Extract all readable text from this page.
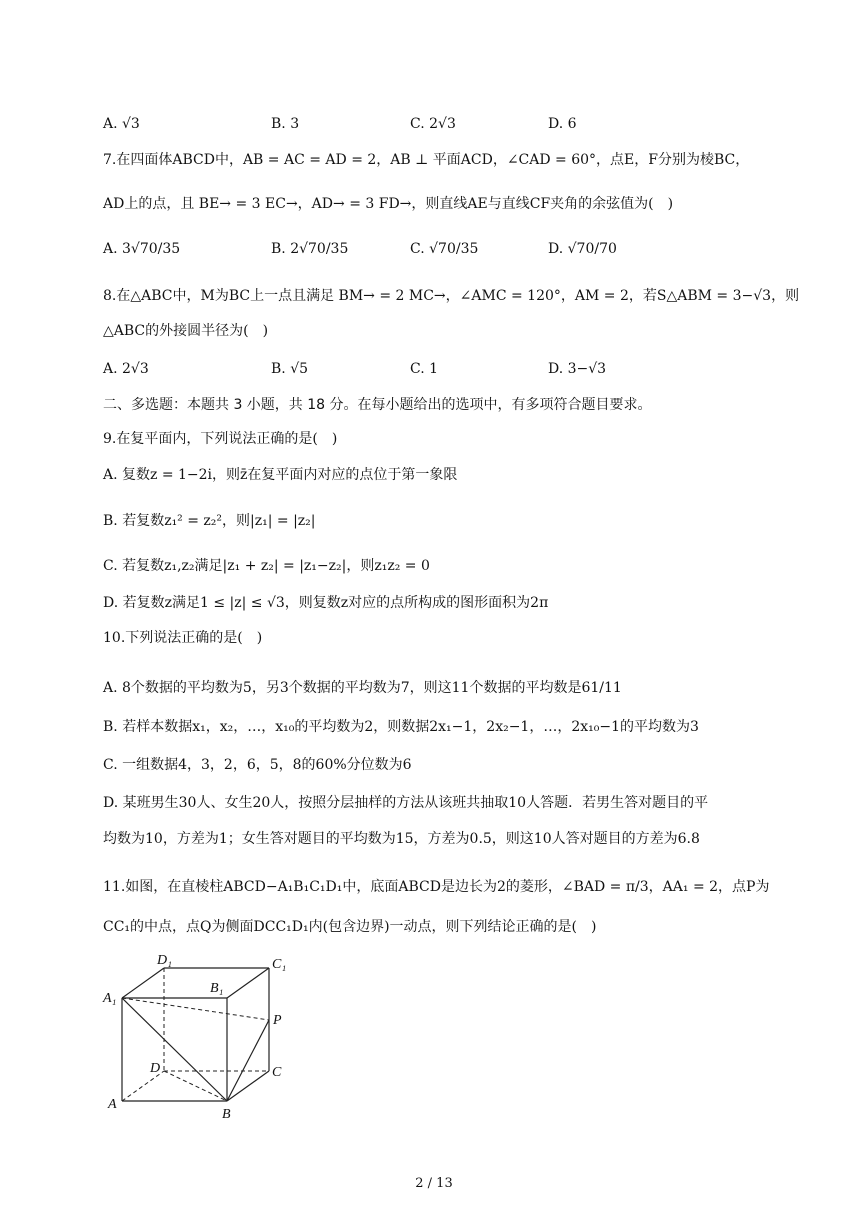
A. √3	B. 3	C. 2√3	D. 6
7.在四面体ABCD中，AB = AC = AD = 2，AB ⊥ 平面ACD，∠CAD = 60°，点E，F分别为棱BC，
AD上的点，且 BE→ = 3 EC→，AD→ = 3 FD→，则直线AE与直线CF夹角的余弦值为(　)
A. 3√70/35	B. 2√70/35	C. √70/35	D. √70/70
8.在△ABC中，M为BC上一点且满足 BM→ = 2 MC→，∠AMC = 120°，AM = 2，若S△ABM = 3−√3，则
△ABC的外接圆半径为(　)
A. 2√3	B. √5	C. 1	D. 3−√3
二、多选题：本题共 3 小题，共 18 分。在每小题给出的选项中，有多项符合题目要求。
9.在复平面内，下列说法正确的是(　)
A. 复数z = 1−2i，则z̄在复平面内对应的点位于第一象限
B. 若复数z₁² = z₂²，则|z₁| = |z₂|
C. 若复数z₁,z₂满足|z₁ + z₂| = |z₁−z₂|，则z₁z₂ = 0
D. 若复数z满足1 ≤ |z| ≤ √3，则复数z对应的点所构成的图形面积为2π
10.下列说法正确的是(　)
A. 8个数据的平均数为5，另3个数据的平均数为7，则这11个数据的平均数是61/11
B. 若样本数据x₁，x₂，…，x₁₀的平均数为2，则数据2x₁−1，2x₂−1，…，2x₁₀−1的平均数为3
C. 一组数据4，3，2，6，5，8的60%分位数为6
D. 某班男生30人、女生20人，按照分层抽样的方法从该班共抽取10人答题．若男生答对题目的平
均数为10，方差为1；女生答对题目的平均数为15，方差为0.5，则这10人答对题目的方差为6.8
11.如图，在直棱柱ABCD−A₁B₁C₁D₁中，底面ABCD是边长为2的菱形，∠BAD = π/3，AA₁ = 2，点P为
CC₁的中点，点Q为侧面DCC₁D₁内(包含边界)一动点，则下列结论正确的是(　)
D₁	C₁
A₁
B₁
P
D	C
A
B
2 / 13
